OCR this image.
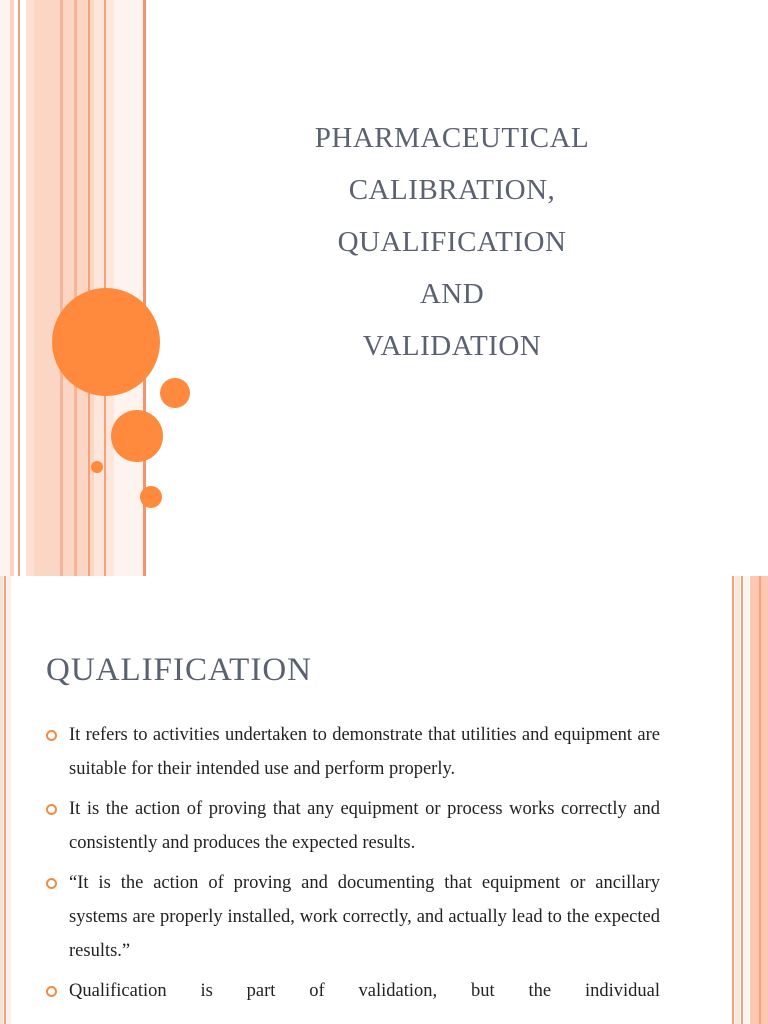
PHARMACEUTICAL
CALIBRATION,
QUALIFICATION
AND
VALIDATION
QUALIFICATION
It refers to activities undertaken to demonstrate that utilities and equipment are suitable for their intended use and perform properly.
It is the action of proving that any equipment or process works correctly and consistently and produces the expected results.
“It is the action of proving and documenting that equipment or ancillary systems are properly installed, work correctly, and actually lead to the expected results.”
Qualification is part of validation, but the individual
